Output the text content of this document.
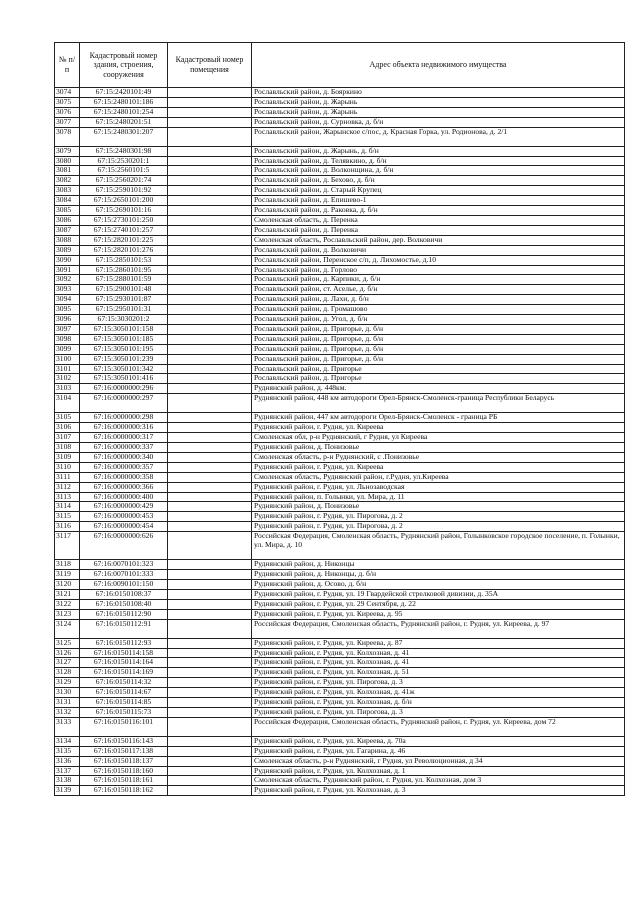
№ п/п	Кадастровый номер здания, строения, сооружения	Кадастровый номер помещения	Адрес объекта недвижимого имущества
3074	67:15:2420101:49		Рославльский район, д. Бояркино
3075	67:15:2480101:186		Рославльский район, д. Жарынь
3076	67:15:2480101:254		Рославльский район, д. Жарынь
3077	67:15:2480201:51		Рославльский район, д. Сурновка, д. б/н
3078	67:15:2480301:207		Рославльский район, Жарынское с/пос, д. Красная Горка, ул. Родионова, д. 2/1
3079	67:15:2480301:98		Рославльский район, д. Жарынь, д. б/н
3080	67:15:2530201:1		Рославльский район, д. Телявкино, д. б/н
3081	67:15:2560101:5		Рославльский район, д. Волконщина, д. б/н
3082	67:15:2560201:74		Рославльский район, д. Бехово, д. б/н
3083	67:15:2590101:92		Рославльский район, д. Старый Крупец
3084	67:15:2650101:200		Рославльский район, д. Епишево-1
3085	67:15:2690101:16		Рославльский район, д. Раковка, д. б/н
3086	67:15:2730101:250		Смоленская область, д. Перенка
3087	67:15:2740101:257		Рославльский район, д. Перенка
3088	67:15:2820101:225		Смоленская область, Рославльский район, дер. Волковичи
3089	67:15:2820101:276		Рославльский район, д. Волковичи
3090	67:15:2850101:53		Рославльский район, Перенское с/п, д. Лихомостье, д.10
3091	67:15:2860101:95		Рославльский район, д. Горлово
3092	67:15:2880101:59		Рославльский район, д. Карпики, д. б/н
3093	67:15:2900101:48		Рославльский район, ст. Аселье, д. б/н
3094	67:15:2930101:87		Рославльский район, д. Лахи, д. б/н
3095	67:15:2950101:31		Рославльский район, д. Громашово
3096	67:15:3030201:2		Рославльский район, д. Угол, д. б/н
3097	67:15:3050101:158		Рославльский район, д. Пригорье, д. б/н
3098	67:15:3050101:185		Рославльский район, д. Пригорье, д. б/н
3099	67:15:3050101:195		Рославльский район, д. Пригорье, д. б/н
3100	67:15:3050101:239		Рославльский район, д. Пригорье, д. б/н
3101	67:15:3050101:342		Рославльский район, д. Пригорье
3102	67:15:3050101:416		Рославльский район, д. Пригорье
3103	67:16:0000000:296		Руднянский район, д. 448км.
3104	67:16:0000000:297		Руднянский район, 448 км автодороги Орел-Брянск-Смоленск-граница Республики Беларусь
3105	67:16:0000000:298		Руднянский район, 447 км автодороги Орел-Брянск-Смоленск - граница РБ
3106	67:16:0000000:316		Руднянский район, г. Рудня, ул. Киреева
3107	67:16:0000000:317		Смоленская обл, р-н Руднянский, г Рудня, ул Киреева
3108	67:16:0000000:337		Руднянский район, д. Понизовье
3109	67:16:0000000:340		Смоленская область, р-н Руднянский, с .Понизовье
3110	67:16:0000000:357		Руднянский район, г. Рудня, ул. Киреева
3111	67:16:0000000:358		Смоленская область, Руднянский район, г.Рудня, ул.Киреева
3112	67:16:0000000:366		Руднянский район, г. Рудня, ул. Льнозаводская
3113	67:16:0000000:400		Руднянский район, п. Голынки, ул. Мира, д. 11
3114	67:16:0000000:429		Руднянский район, д. Понизовье
3115	67:16:0000000:453		Руднянский район, г. Рудня, ул. Пирогова, д. 2
3116	67:16:0000000:454		Руднянский район, г. Рудня, ул. Пирогова, д. 2
3117	67:16:0000000:626		Российская Федерация, Смоленская область, Руднянский район, Голынковское городское поселение, п. Голынки, ул. Мира, д. 10
3118	67:16:0070101:323		Руднянский район, д. Никонцы
3119	67:16:0070101:333		Руднянский район, д. Никонцы, д. б/н
3120	67:16:0090101:150		Руднянский район, д. Осово, д. б/н
3121	67:16:0150108:37		Руднянский район, г. Рудня, ул. 19 Гвардейской стрелковой дивизии, д. 35А
3122	67:16:0150108:40		Руднянский район, г. Рудня, ул. 29 Сентября, д. 22
3123	67:16:0150112:90		Руднянский район, г. Рудня, ул. Киреева, д. 95
3124	67:16:0150112:91		Российская Федерация, Смоленская область, Руднянский район, г. Рудня, ул. Киреева, д. 97
3125	67:16:0150112:93		Руднянский район, г. Рудня, ул. Киреева, д. 87
3126	67:16:0150114:158		Руднянский район, г. Рудня, ул. Колхозная, д. 41
3127	67:16:0150114:164		Руднянский район, г. Рудня, ул. Колхозная, д. 41
3128	67:16:0150114:169		Руднянский район, г. Рудня, ул. Колхозная, д. 51
3129	67:16:0150114:32		Руднянский район, г. Рудня, ул. Пирогова, д. 3
3130	67:16:0150114:67		Руднянский район, г. Рудня, ул. Колхозная, д. 41ж
3131	67:16:0150114:85		Руднянский район, г. Рудня, ул. Колхозная, д. б/н
3132	67:16:0150115:73		Руднянский район, г. Рудня, ул. Пирогова, д. 3
3133	67:16:0150116:101		Российская Федерация, Смоленская область, Руднянский район, г. Рудня, ул. Киреева, дом 72
3134	67:16:0150116:143		Руднянский район, г. Рудня, ул. Киреева, д. 70а
3135	67:16:0150117:138		Руднянский район, г. Рудня, ул. Гагарина, д. 46
3136	67:16:0150118:137		Смоленская область, р-н Руднянский, г Рудня, ул Революционная, д 34
3137	67:16:0150118:160		Руднянский район, г. Рудня, ул. Колхозная, д. 1
3138	67:16:0150118:161		Смоленская область, Руднянский район, г. Рудня, ул. Колхозная, дом 3
3139	67:16:0150118:162		Руднянский район, г. Рудня, ул. Колхозная, д. 3
